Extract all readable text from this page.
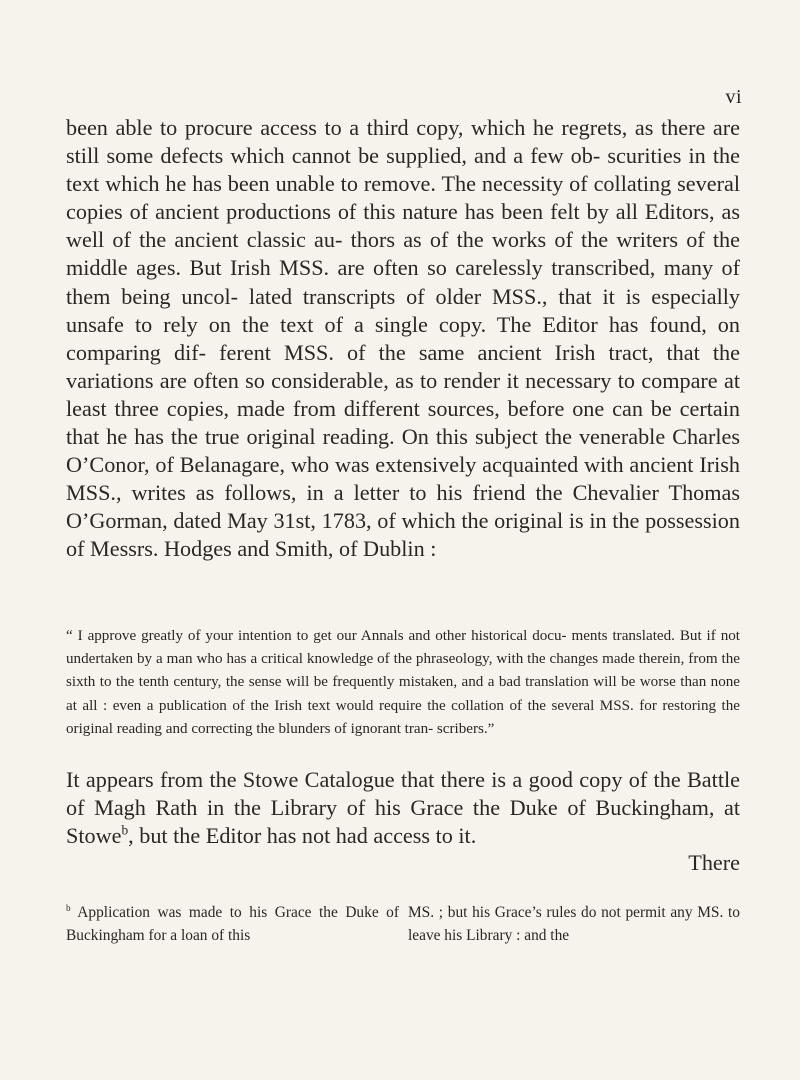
vi

been able to procure access to a third copy, which he regrets, as there are still some defects which cannot be supplied, and a few ob- scurities in the text which he has been unable to remove. The necessity of collating several copies of ancient productions of this nature has been felt by all Editors, as well of the ancient classic au- thors as of the works of the writers of the middle ages. But Irish MSS. are often so carelessly transcribed, many of them being uncol- lated transcripts of older MSS., that it is especially unsafe to rely on the text of a single copy. The Editor has found, on comparing dif- ferent MSS. of the same ancient Irish tract, that the variations are often so considerable, as to render it necessary to compare at least three copies, made from different sources, before one can be certain that he has the true original reading. On this subject the venerable Charles O’Conor, of Belanagare, who was extensively acquainted with ancient Irish MSS., writes as follows, in a letter to his friend the Chevalier Thomas O’Gorman, dated May 31st, 1783, of which the original is in the possession of Messrs. Hodges and Smith, of Dublin :

“ I approve greatly of your intention to get our Annals and other historical docu- ments translated. But if not undertaken by a man who has a critical knowledge of the phraseology, with the changes made therein, from the sixth to the tenth century, the sense will be frequently mistaken, and a bad translation will be worse than none at all : even a publication of the Irish text would require the collation of the several MSS. for restoring the original reading and correcting the blunders of ignorant tran- scribers.”

It appears from the Stowe Catalogue that there is a good copy of the Battle of Magh Rath in the Library of his Grace the Duke of Buckingham, at Stowe$^b$, but the Editor has not had access to it.

There
$^b$ Application was made to his Grace the Duke of Buckingham for a loan of this
MS. ; but his Grace’s rules do not permit any MS. to leave his Library : and the
